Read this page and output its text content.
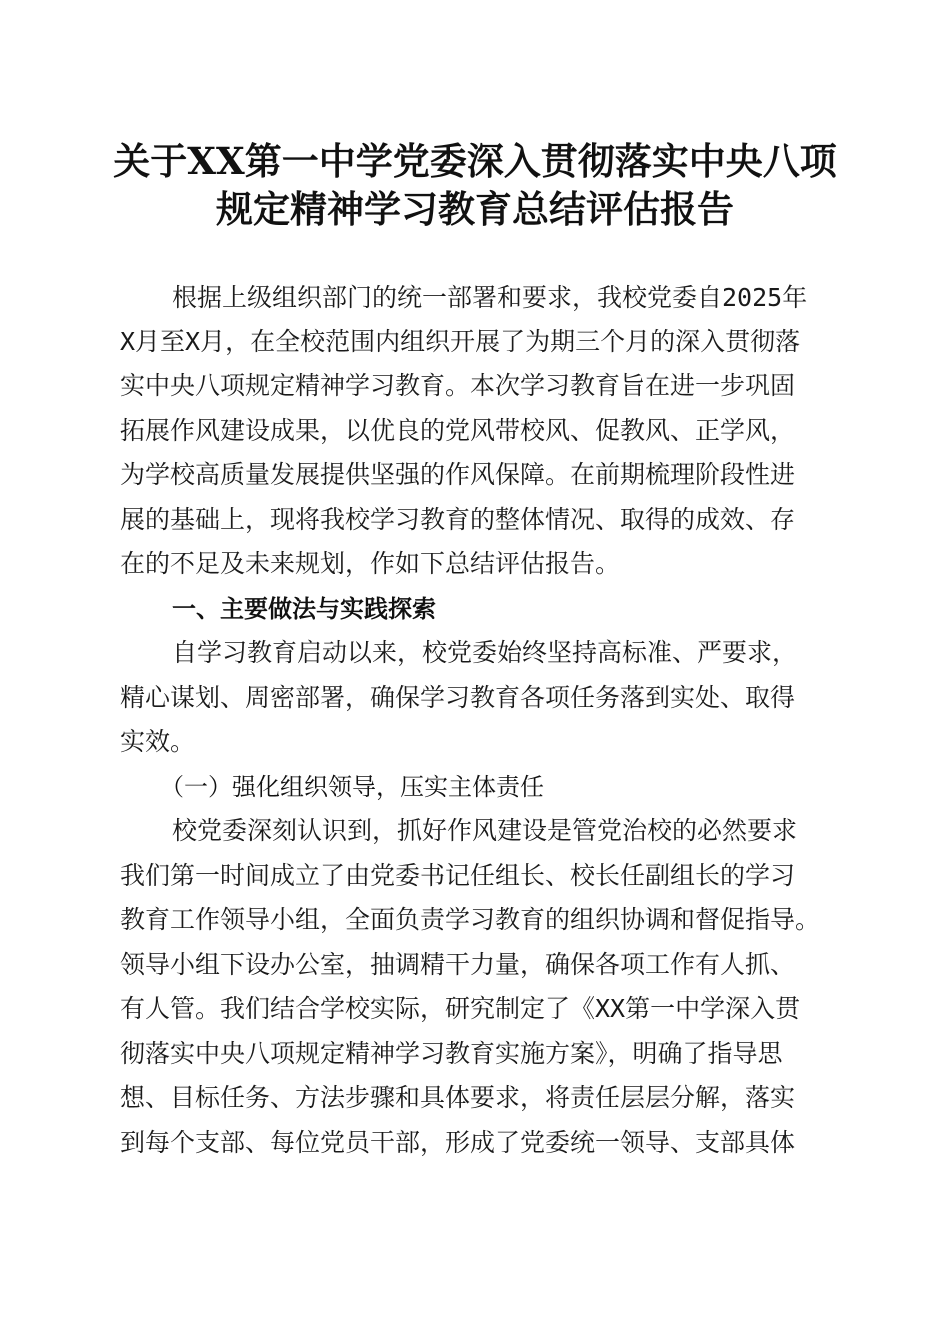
关于XX第一中学党委深入贯彻落实中央八项
规定精神学习教育总结评估报告
根据上级组织部门的统一部署和要求，我校党委自2025年
X月至X月，在全校范围内组织开展了为期三个月的深入贯彻落
实中央八项规定精神学习教育。本次学习教育旨在进一步巩固
拓展作风建设成果，以优良的党风带校风、促教风、正学风，
为学校高质量发展提供坚强的作风保障。在前期梳理阶段性进
展的基础上，现将我校学习教育的整体情况、取得的成效、存
在的不足及未来规划，作如下总结评估报告。
一、主要做法与实践探索
自学习教育启动以来，校党委始终坚持高标准、严要求，
精心谋划、周密部署，确保学习教育各项任务落到实处、取得
实效。
（一）强化组织领导，压实主体责任
校党委深刻认识到，抓好作风建设是管党治校的必然要求
我们第一时间成立了由党委书记任组长、校长任副组长的学习
教育工作领导小组，全面负责学习教育的组织协调和督促指导。
领导小组下设办公室，抽调精干力量，确保各项工作有人抓、
有人管。我们结合学校实际，研究制定了《XX第一中学深入贯
彻落实中央八项规定精神学习教育实施方案》，明确了指导思
想、目标任务、方法步骤和具体要求，将责任层层分解，落实
到每个支部、每位党员干部，形成了党委统一领导、支部具体
